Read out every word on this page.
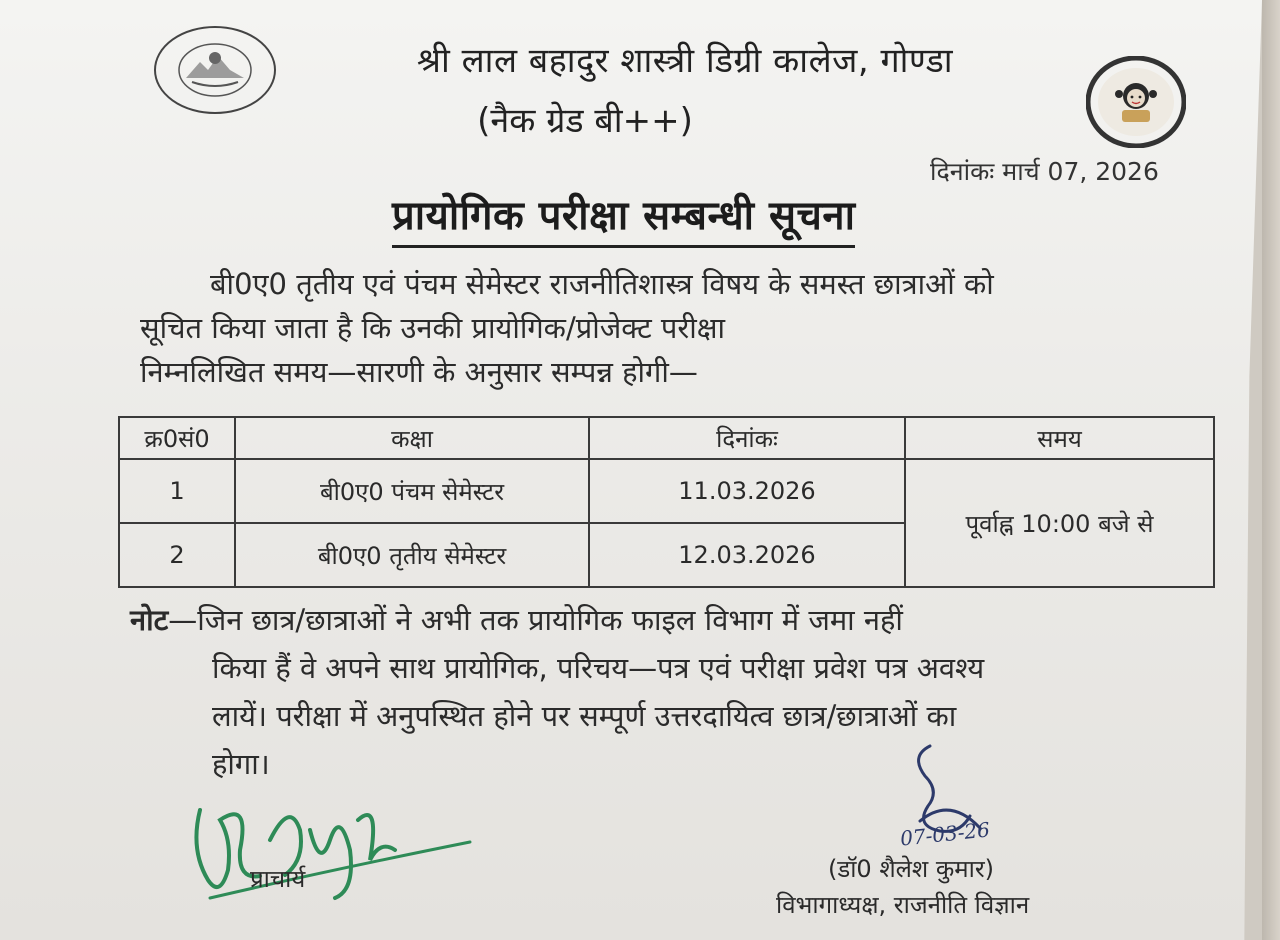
श्री लाल बहादुर शास्त्री डिग्री कालेज, गोण्डा
(नैक ग्रेड बी++)
दिनांकः मार्च 07, 2026
प्रायोगिक परीक्षा सम्बन्धी सूचना
बी0ए0 तृतीय एवं पंचम सेमेस्टर राजनीतिशास्त्र विषय के समस्त छात्राओं को
सूचित किया जाता है कि उनकी प्रायोगिक/प्रोजेक्ट परीक्षा
निम्नलिखित समय—सारणी के अनुसार सम्पन्न होगी—
क्र0सं0	कक्षा	दिनांकः	समय
1	बी0ए0 पंचम सेमेस्टर	11.03.2026	पूर्वाह्न 10:00 बजे से
2	बी0ए0 तृतीय सेमेस्टर	12.03.2026	
नोट—जिन छात्र/छात्राओं ने अभी तक प्रायोगिक फाइल विभाग में जमा नहीं
किया हैं वे अपने साथ प्रायोगिक, परिचय—पत्र एवं परीक्षा प्रवेश पत्र अवश्य
लायें। परीक्षा में अनुपस्थित होने पर सम्पूर्ण उत्तरदायित्व छात्र/छात्राओं का
होगा।
प्राचार्य
07-03-26
(डॉ0 शैलेश कुमार)
विभागाध्यक्ष, राजनीति विज्ञान
